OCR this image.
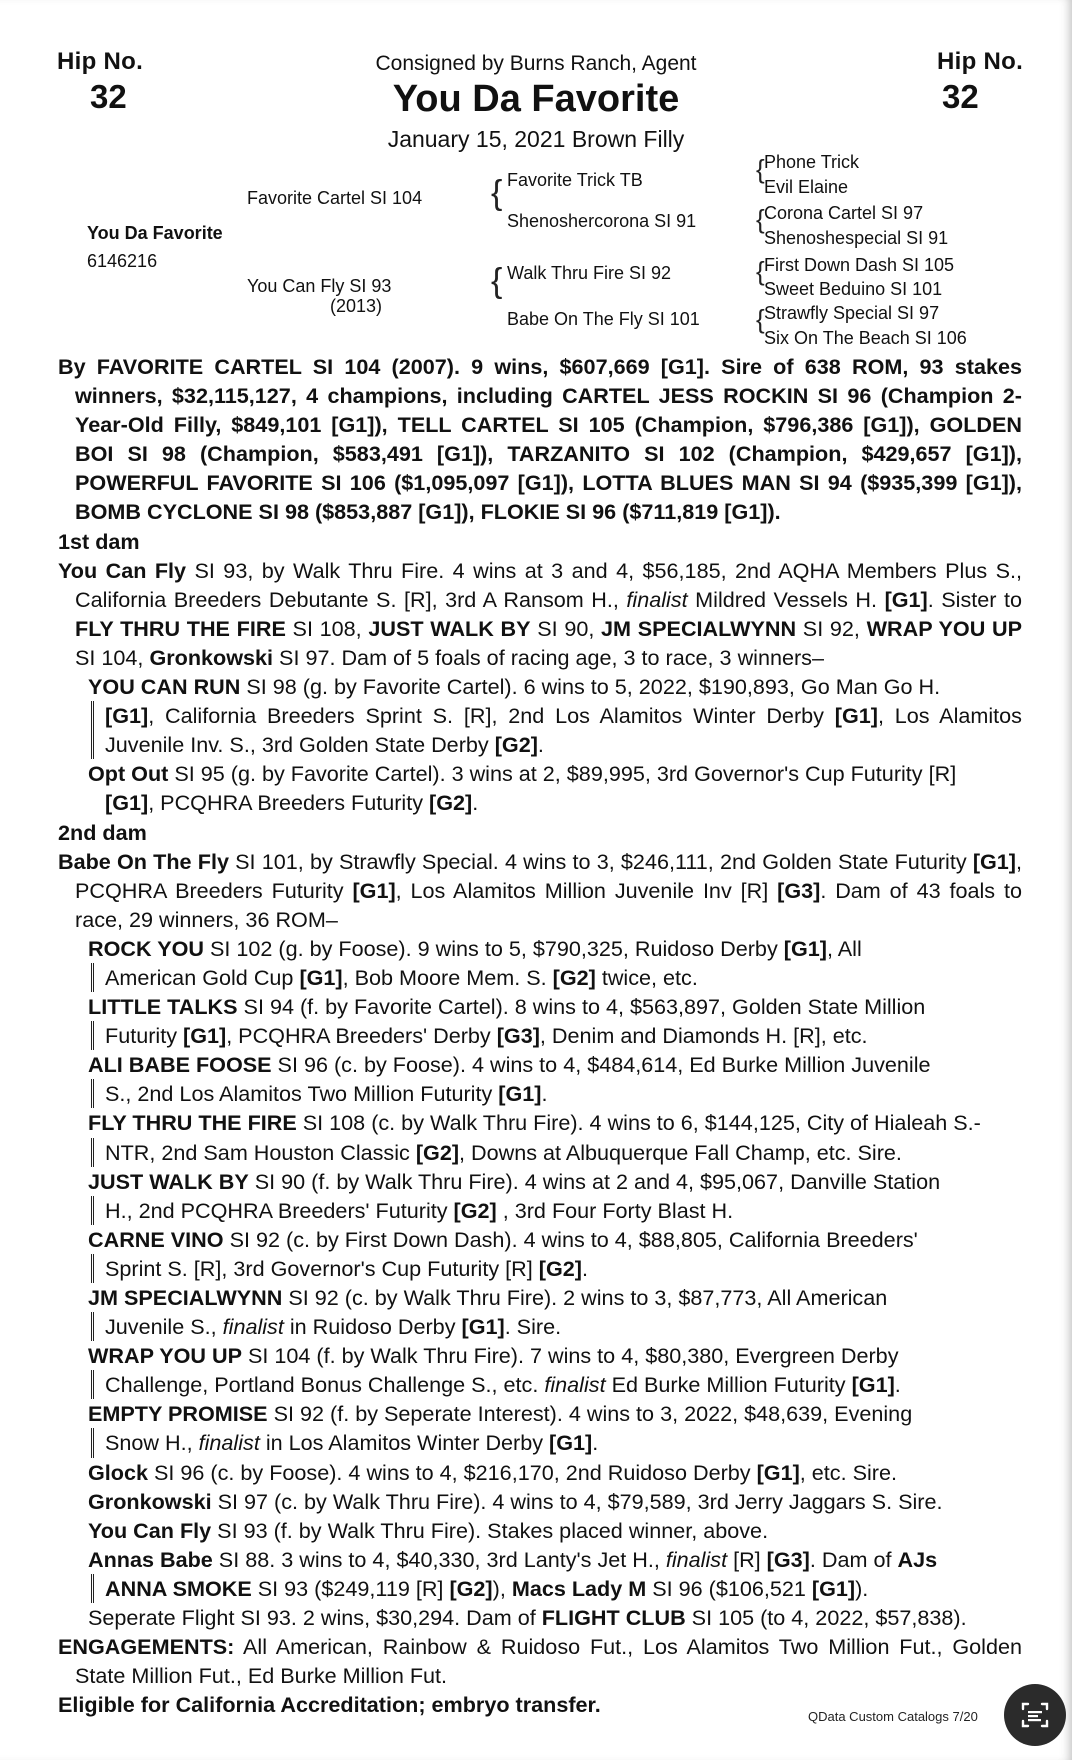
Hip No.
32
Hip No.
32
Consigned by Burns Ranch, Agent
You Da Favorite
January 15, 2021 Brown Filly
You Da Favorite
6146216
Favorite Cartel SI 104
You Can Fly SI 93
(2013)
{
{
Favorite Trick TB
Shenoshercorona SI 91
Walk Thru Fire SI 92
Babe On The Fly SI 101
{
{
{
{
Phone Trick
Evil Elaine
Corona Cartel SI 97
Shenoshespecial SI 91
First Down Dash SI 105
Sweet Beduino SI 101
Strawfly Special SI 97
Six On The Beach SI 106

By FAVORITE CARTEL SI 104 (2007). 9 wins, $607,669 [G1]. Sire of 638 ROM, 93 stakes winners, $32,115,127, 4 champions, including CARTEL JESS ROCKIN SI 96 (Champion 2-Year-Old Filly, $849,101 [G1]), TELL CARTEL SI 105 (Champion, $796,386 [G1]), GOLDEN BOI SI 98 (Champion, $583,491 [G1]), TARZANITO SI 102 (Champion, $429,657 [G1]), POWERFUL FAVORITE SI 106 ($1,095,097 [G1]), LOTTA BLUES MAN SI 94 ($935,399 [G1]), BOMB CYCLONE SI 98 ($853,887 [G1]), FLOKIE SI 96 ($711,819 [G1]).

1st dam

You Can Fly SI 93, by Walk Thru Fire. 4 wins at 3 and 4, $56,185, 2nd AQHA Members Plus S., California Breeders Debutante S. [R], 3rd A Ransom H., finalist Mildred Vessels H. [G1]. Sister to FLY THRU THE FIRE SI 108, JUST WALK BY SI 90, JM SPECIALWYNN SI 92, WRAP YOU UP SI 104, Gronkowski SI 97. Dam of 5 foals of racing age, 3 to race, 3 winners–

YOU CAN RUN SI 98 (g. by Favorite Cartel). 6 wins to 5, 2022, $190,893, Go Man Go H.
[G1], California Breeders Sprint S. [R], 2nd Los Alamitos Winter Derby [G1], Los Alamitos Juvenile Inv. S., 3rd Golden State Derby [G2].
Opt Out SI 95 (g. by Favorite Cartel). 3 wins at 2, $89,995, 3rd Governor's Cup Futurity [R]
[G1], PCQHRA Breeders Futurity [G2].

2nd dam

Babe On The Fly SI 101, by Strawfly Special. 4 wins to 3, $246,111, 2nd Golden State Futurity [G1], PCQHRA Breeders Futurity [G1], Los Alamitos Million Juvenile Inv [R] [G3]. Dam of 43 foals to race, 29 winners, 36 ROM–

ROCK YOU SI 102 (g. by Foose). 9 wins to 5, $790,325, Ruidoso Derby [G1], All
American Gold Cup [G1], Bob Moore Mem. S. [G2] twice, etc.
LITTLE TALKS SI 94 (f. by Favorite Cartel). 8 wins to 4, $563,897, Golden State Million
Futurity [G1], PCQHRA Breeders' Derby [G3], Denim and Diamonds H. [R], etc.
ALI BABE FOOSE SI 96 (c. by Foose). 4 wins to 4, $484,614, Ed Burke Million Juvenile
S., 2nd Los Alamitos Two Million Futurity [G1].
FLY THRU THE FIRE SI 108 (c. by Walk Thru Fire). 4 wins to 6, $144,125, City of Hialeah S.-
NTR, 2nd Sam Houston Classic [G2], Downs at Albuquerque Fall Champ, etc. Sire.
JUST WALK BY SI 90 (f. by Walk Thru Fire). 4 wins at 2 and 4, $95,067, Danville Station
H., 2nd PCQHRA Breeders' Futurity [G2] , 3rd Four Forty Blast H.
CARNE VINO SI 92 (c. by First Down Dash). 4 wins to 4, $88,805, California Breeders'
Sprint S. [R], 3rd Governor's Cup Futurity [R] [G2].
JM SPECIALWYNN SI 92 (c. by Walk Thru Fire). 2 wins to 3, $87,773, All American
Juvenile S., finalist in Ruidoso Derby [G1]. Sire.
WRAP YOU UP SI 104 (f. by Walk Thru Fire). 7 wins to 4, $80,380, Evergreen Derby
Challenge, Portland Bonus Challenge S., etc. finalist Ed Burke Million Futurity [G1].
EMPTY PROMISE SI 92 (f. by Seperate Interest). 4 wins to 3, 2022, $48,639, Evening
Snow H., finalist in Los Alamitos Winter Derby [G1].
Glock SI 96 (c. by Foose). 4 wins to 4, $216,170, 2nd Ruidoso Derby [G1], etc. Sire.
Gronkowski SI 97 (c. by Walk Thru Fire). 4 wins to 4, $79,589, 3rd Jerry Jaggars S. Sire.
You Can Fly SI 93 (f. by Walk Thru Fire). Stakes placed winner, above.
Annas Babe SI 88. 3 wins to 4, $40,330, 3rd Lanty's Jet H., finalist [R] [G3]. Dam of AJs
ANNA SMOKE SI 93 ($249,119 [R] [G2]), Macs Lady M SI 96 ($106,521 [G1]).
Seperate Flight SI 93. 2 wins, $30,294. Dam of FLIGHT CLUB SI 105 (to 4, 2022, $57,838).

ENGAGEMENTS: All American, Rainbow & Ruidoso Fut., Los Alamitos Two Million Fut., Golden State Million Fut., Ed Burke Million Fut.

Eligible for California Accreditation; embryo transfer.	QData Custom Catalogs 7/20
